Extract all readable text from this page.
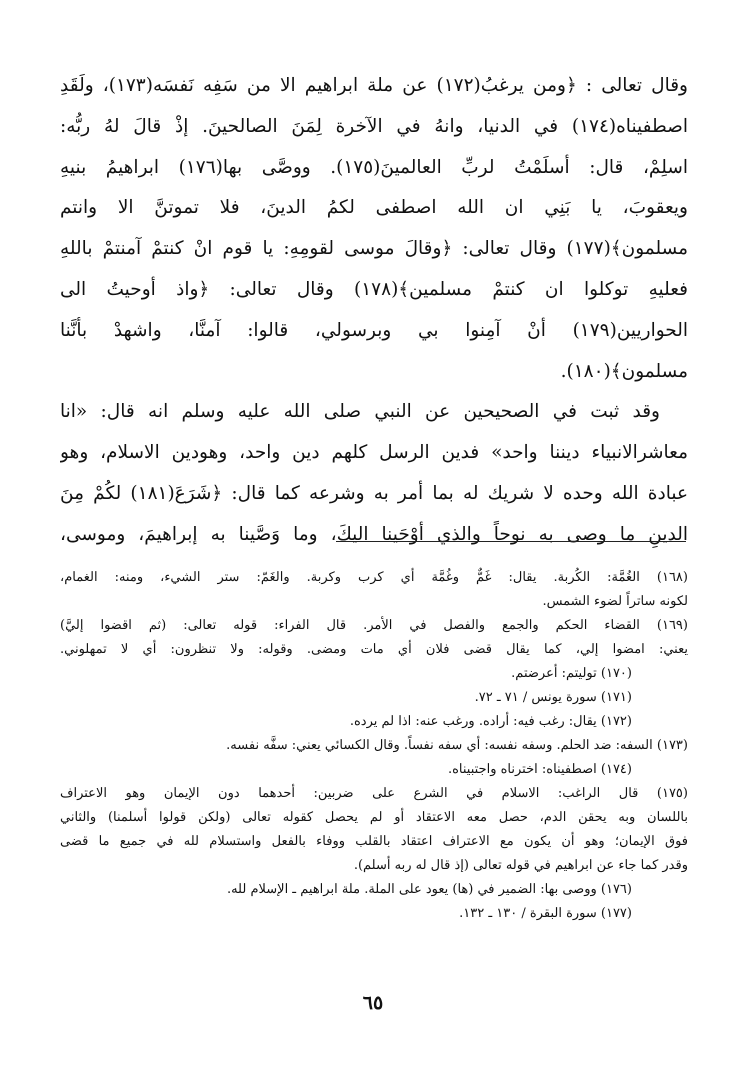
وقال تعالى : ﴿ومن يرغبُ(١٧٢) عن ملة ابراهيم الا من سَفِه نَفسَه(١٧٣)، ولَقَدِ
اصطفيناه(١٧٤) في الدنيا، وانهُ في الآخرة لِمَنَ الصالحينَ. إذْ قالَ لهُ ربُّه:
اسلِمْ، قال: أسلَمْتُ لربِّ العالمينَ(١٧٥). ووصَّى بها(١٧٦) ابراهيمُ بنيهِ
ويعقوبَ، يا بَنِي ان الله اصطفى لكمُ الدينَ، فلا تموتنَّ الا وانتم
مسلمون﴾(١٧٧) وقال تعالى: ﴿وقالَ موسى لقومِهِ: يا قوم انْ كنتمْ آمنتمْ باللهِ
فعليهِ توكلوا ان كنتمْ مسلمين﴾(١٧٨) وقال تعالى: ﴿واذ أوحيتُ الى
الحواريين(١٧٩) أنْ آمِنوا بي وبرسولي، قالوا: آمنَّا، واشهدْ بأنَّنا
مسلمون﴾(١٨٠).
وقد ثبت في الصحيحين عن النبي صلى الله عليه وسلم انه قال: «انا
معاشرالانبياء ديننا واحد» فدين الرسل كلهم دين واحد، وهودين الاسلام، وهو
عبادة الله وحده لا شريك له بما أمر به وشرعه كما قال: ﴿شَرَعَ(١٨١) لكُمْ مِنَ
الدينِ ما وصى به نوحاً والذي أوْحَينا اليكَ، وما وَصَّينا به إبراهيمَ، وموسى،
(١٦٨) الغُمَّة: الكُربة. يقال: غَمٌّ وغُمَّة أي كرب وكربة. والغَمّ: ستر الشيء، ومنه: الغمام،
لكونه ساتراً لضوء الشمس.
(١٦٩) القضاء الحكم والجمع والفصل في الأمر. قال الفراء: قوله تعالى: (ثم اقضوا إليَّ)
يعني: امضوا إلي، كما يقال قضى فلان أي مات ومضى. وقوله: ولا تنظرون: أي لا تمهلوني.
(١٧٠) توليتم: أعرضتم.
(١٧١) سورة يونس / ٧١ ـ ٧٢.
(١٧٢) يقال: رغب فيه: أراده. ورغب عنه: اذا لم يرده.
(١٧٣) السفه: ضد الحلم. وسفه نفسه: أي سفه نفساً. وقال الكسائي يعني: سفَّه نفسه.
(١٧٤) اصطفيناه: اخترناه واجتبيناه.
(١٧٥) قال الراغب: الاسلام في الشرع على ضربين: أحدهما دون الإيمان وهو الاعتراف
باللسان وبه يحقن الدم، حصل معه الاعتقاد أو لم يحصل كقوله تعالى (ولكن قولوا أسلمنا) والثاني
فوق الإيمان؛ وهو أن يكون مع الاعتراف اعتقاد بالقلب ووفاء بالفعل واستسلام لله في جميع ما قضى
وقدر كما جاء عن ابراهيم في قوله تعالى (إذ قال له ربه أسلم).
(١٧٦) ووصى بها: الضمير في (ها) يعود على الملة. ملة ابراهيم ـ الإسلام لله.
(١٧٧) سورة البقرة / ١٣٠ ـ ١٣٢.
٦٥
